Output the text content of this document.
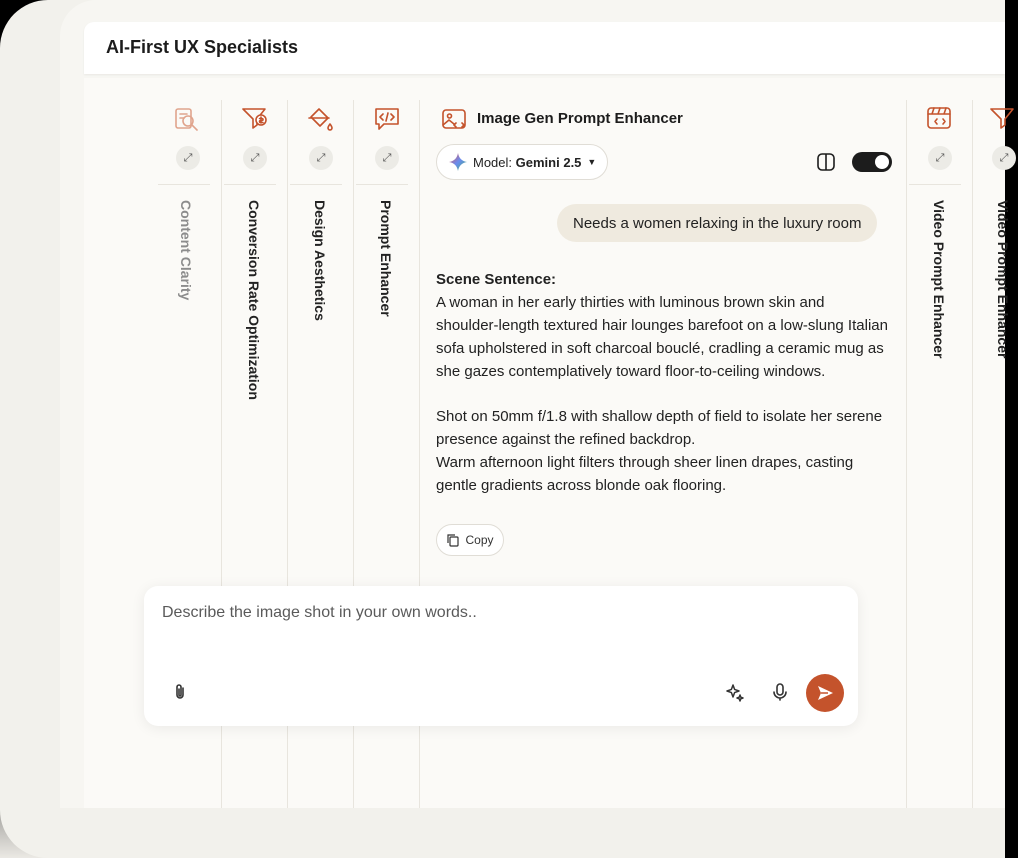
AI-First UX Specialists
⤢
Content Clarity
⤢
Conversion Rate Optimization
⤢
Design Aesthetics
⤢
Prompt Enhancer
Image Gen Prompt Enhancer
Model:
Gemini 2.5 ▼
Needs a women relaxing in the luxury room
Scene Sentence:
A woman in her early thirties with luminous brown skin and shoulder-length textured hair lounges barefoot on a low-slung Italian sofa upholstered in soft charcoal bouclé, cradling a ceramic mug as she gazes contemplatively toward floor-to-ceiling windows.
Shot on 50mm f/1.8 with shallow depth of field to isolate her serene presence against the refined backdrop.
Warm afternoon light filters through sheer linen drapes, casting gentle gradients across blonde oak flooring.
Copy
⤢
Video Prompt Enhancer
⤢
Video Prompt Enhancer
Describe the image shot in your own words..
